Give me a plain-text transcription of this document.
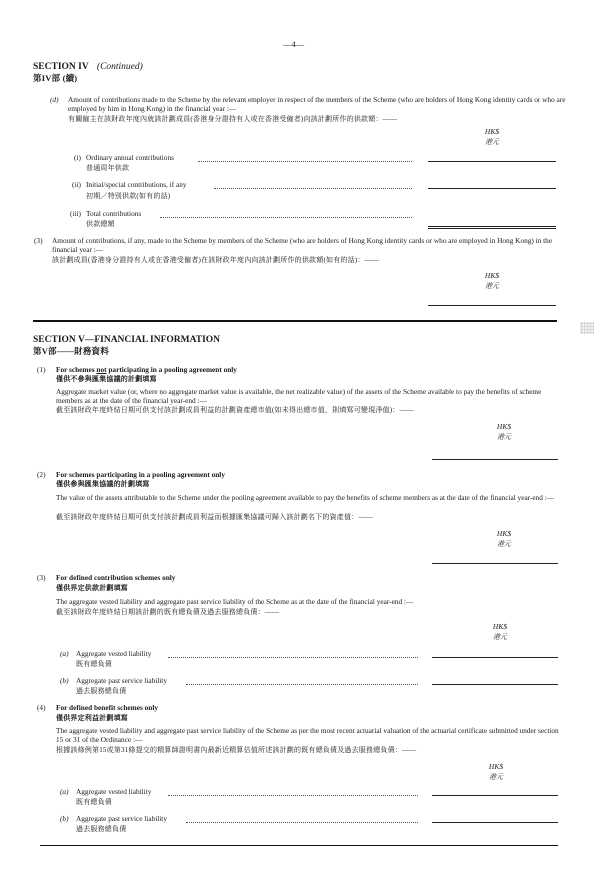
—4—
SECTION IV (Continued)
第IV部 (續)
(d) Amount of contributions made to the Scheme by the relevant employer in respect of the members of the Scheme (who are holders of Hong Kong identity cards or who are employed by him in Hong Kong) in the financial year :—
有關僱主在該財政年度內就該計劃成員(香港身分證持有人或在香港受僱者)向該計劃所作的供款額：——
HK$
港元
(i) Ordinary annual contributions
普通周年供款
(ii) Initial/special contributions, if any
初期／特別供款(如有的話)
(iii) Total contributions
供款總額
(3) Amount of contributions, if any, made to the Scheme by members of the Scheme (who are holders of Hong Kong identity cards or who are employed in Hong Kong) in the financial year :—
該計劃成員(香港身分證持有人或在香港受僱者)在該財政年度內向該計劃所作的供款額(如有的話)：——
HK$
港元
SECTION V—FINANCIAL INFORMATION
第V部——財務資料
(1) For schemes not participating in a pooling agreement only
僅供不參與匯集協議的計劃填寫
Aggregate market value (or, where no aggregate market value is available, the net realizable value) of the assets of the Scheme available to pay the benefits of scheme members as at the date of the financial year-end :—
截至該財政年度終結日期可供支付該計劃成員利益的計劃資產總市值(如未得出總市值，則填寫可變現淨值)：——
HK$
港元
(2) For schemes participating in a pooling agreement only
僅供參與匯集協議的計劃填寫
The value of the assets attributable to the Scheme under the pooling agreement available to pay the benefits of scheme members as at the date of the financial year-end :—
截至該財政年度終結日期可供支付該計劃成員利益而根據匯集協議可歸入該計劃名下的資產值：——
HK$
港元
(3) For defined contribution schemes only
僅供界定供款計劃填寫
The aggregate vested liability and aggregate past service liability of the Scheme as at the date of the financial year-end :—
截至該財政年度終結日期該計劃的既有總負債及過去服務總負債：——
HK$
港元
(a) Aggregate vested liability
既有總負債
(b) Aggregate past service liability
過去服務總負債
(4) For defined benefit schemes only
僅供界定利益計劃填寫
The aggregate vested liability and aggregate past service liability of the Scheme as per the most recent actuarial valuation of the actuarial certificate submitted under section 15 or 31 of the Ordinance :—
根據該條例第15或第31條提交的精算師證明書內最新近精算估值所述該計劃的既有總負債及過去服務總負債：——
HK$
港元
(a) Aggregate vested liability
既有總負債
(b) Aggregate past service liability
過去服務總負債
